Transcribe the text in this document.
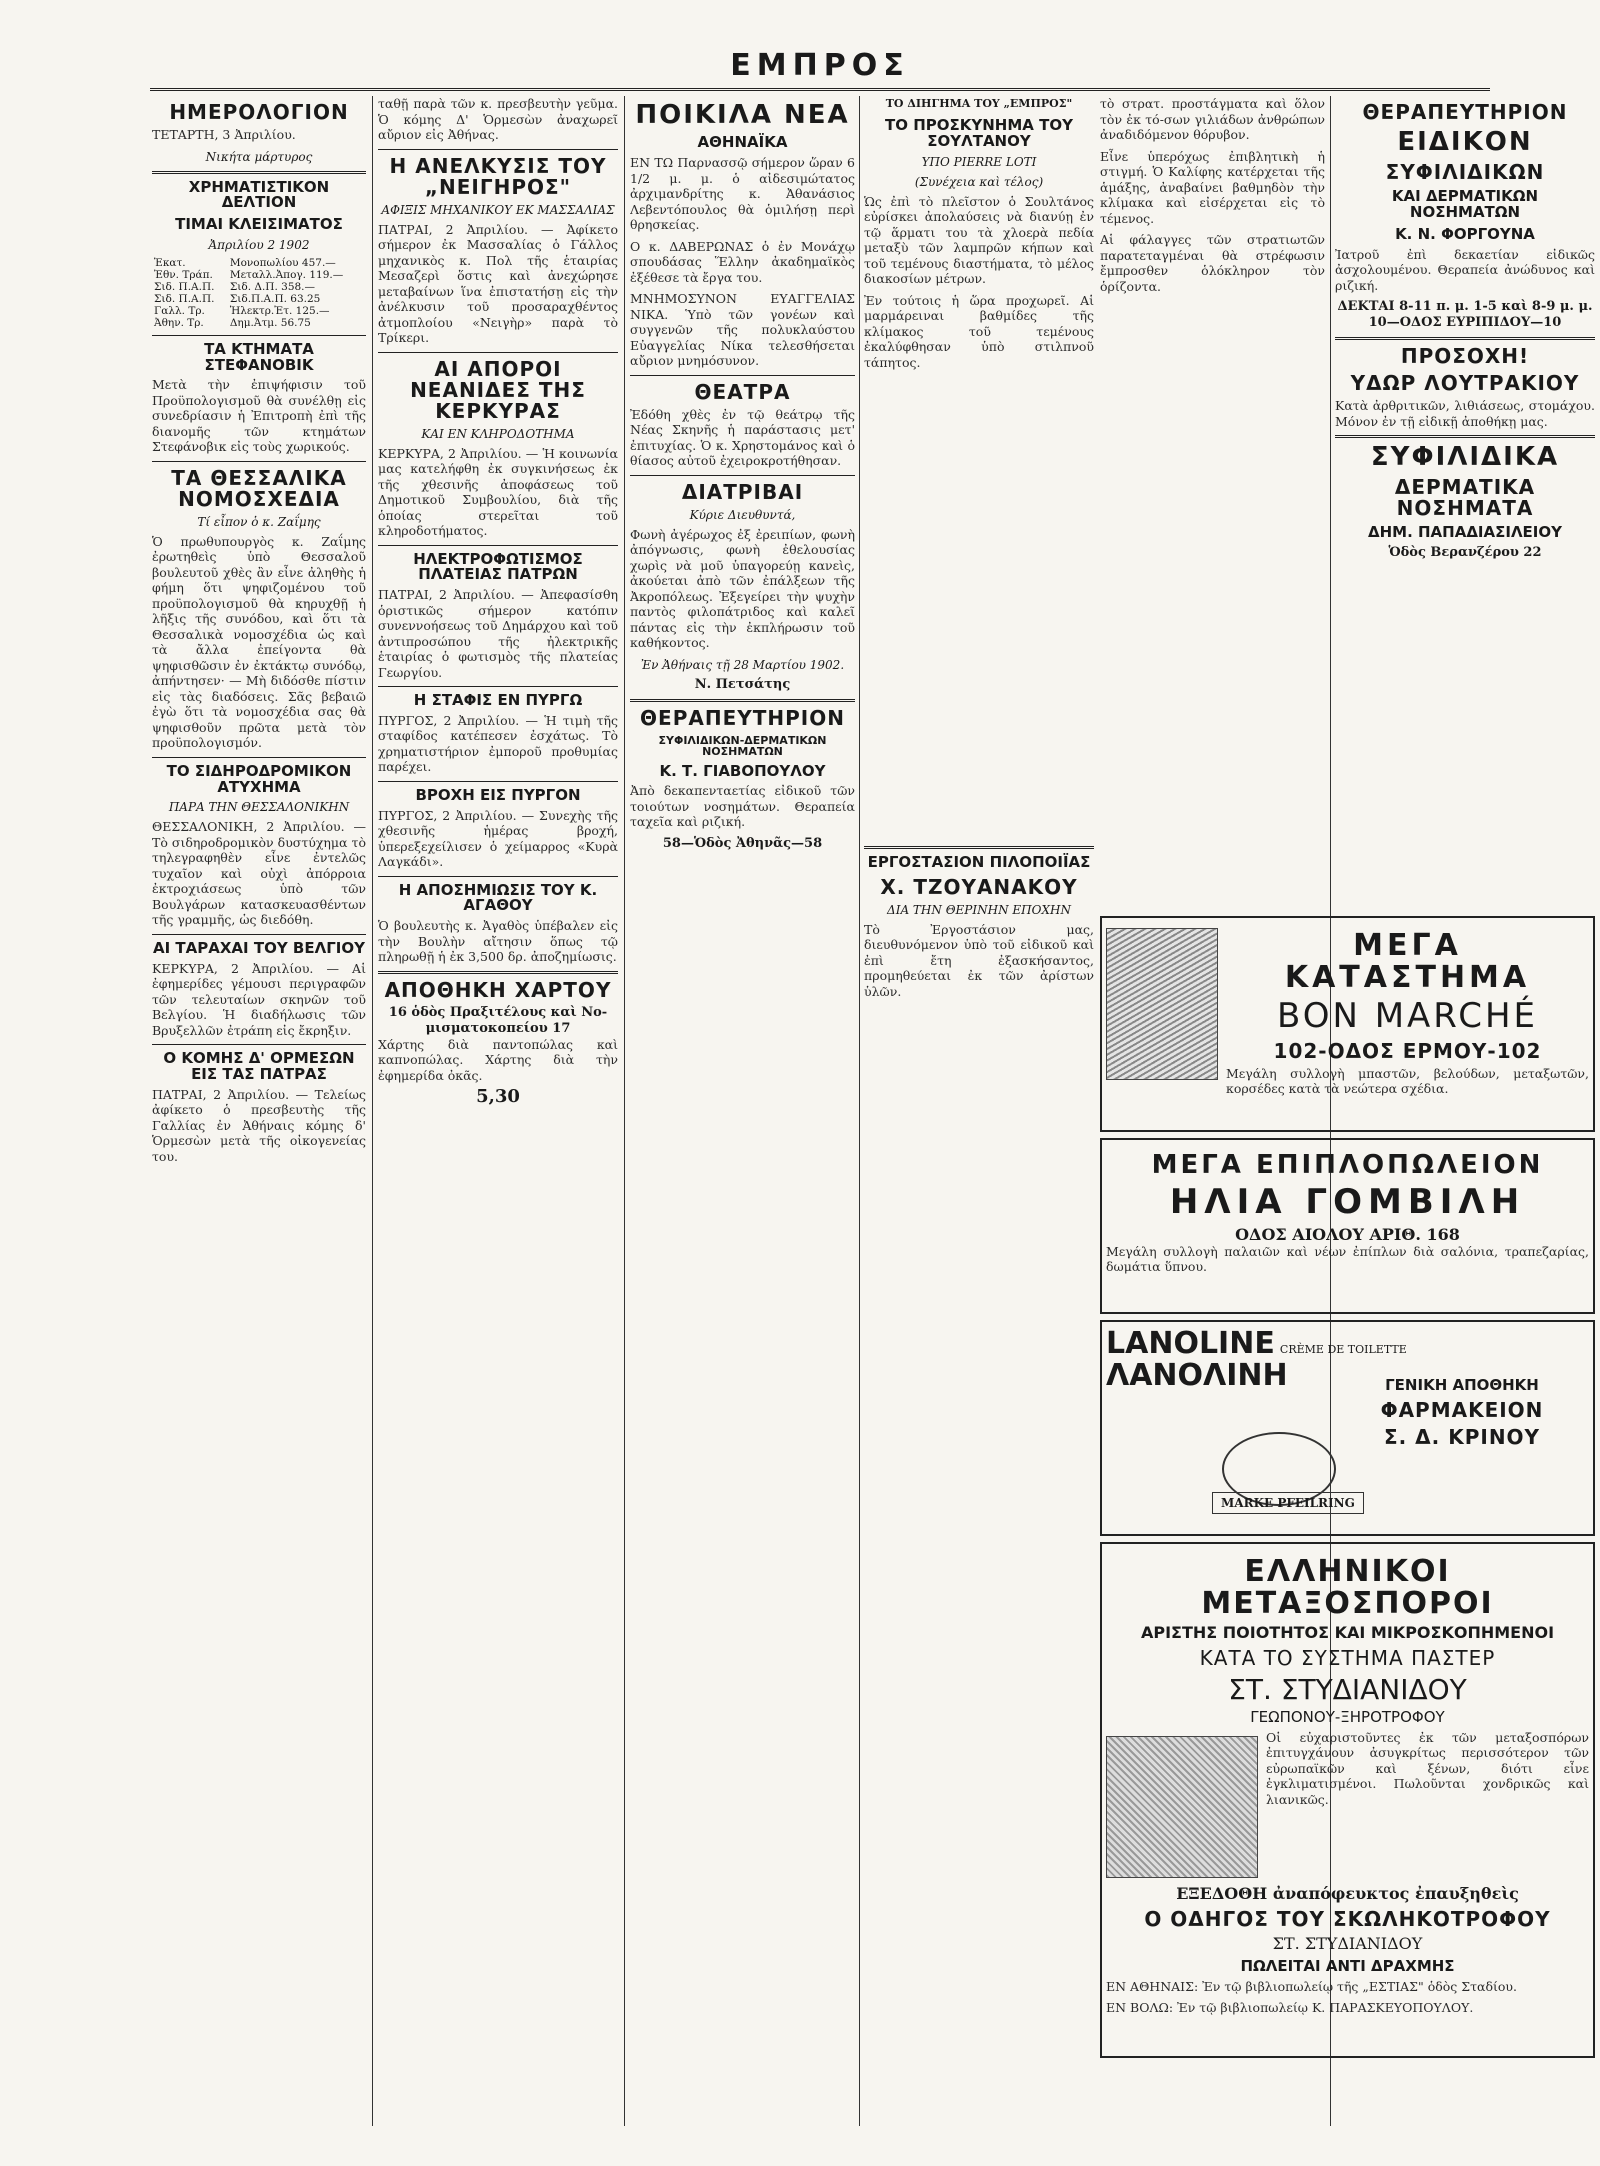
ΕΜΠΡΟΣ
ΗΜΕΡΟΛΟΓΙΟΝ
ΤΕΤΑΡΤΗ, 3 Ἀπριλίου.
Νικήτα μάρτυρος
ΧΡΗΜΑΤΙΣΤΙΚΟΝ ΔΕΛΤΙΟΝ
ΤΙΜΑΙ ΚΛΕΙΣΙΜΑΤΟΣ
Ἀπριλίου 2 1902
Ἑκατ.	Μονοπωλίου 457.—
Ἐθν. Τράπ.	Μεταλλ.Ἀπογ. 119.—
Σιδ. Π.Α.Π.	Σιδ. Δ.Π. 358.—
Σιδ. Π.Α.Π.	Σιδ.Π.Α.Π. 63.25
Γαλλ. Τρ.	Ἡλεκτρ.Ἐτ. 125.—
Ἀθην. Τρ.	Δημ.Ἀτμ. 56.75
ΤΑ ΚΤΗΜΑΤΑ ΣΤΕΦΑΝΟΒΙΚ

Μετὰ τὴν ἐπιψήφισιν τοῦ Προϋπολογισμοῦ θὰ συνέλθῃ εἰς συνεδρίασιν ἡ Ἐπιτροπὴ ἐπὶ τῆς διανομῆς τῶν κτημάτων Στεφάνοβικ εἰς τοὺς χωρικούς.

ΤΑ ΘΕΣΣΑΛΙΚΑ ΝΟΜΟΣΧΕΔΙΑ
Τί εἶπον ὁ κ. Ζαΐμης

Ὁ πρωθυπουργὸς κ. Ζαΐμης ἐρωτηθεὶς ὑπὸ Θεσσαλοῦ βουλευτοῦ χθὲς ἂν εἶνε ἀληθὴς ἡ φήμη ὅτι ψηφιζομένου τοῦ προϋπολογισμοῦ θὰ κηρυχθῇ ἡ λῆξις τῆς συνόδου, καὶ ὅτι τὰ Θεσσαλικὰ νομοσχέδια ὡς καὶ τὰ ἄλλα ἐπείγοντα θὰ ψηφισθῶσιν ἐν ἐκτάκτῳ συνόδῳ, ἀπήντησεν· — Μὴ διδόσθε πίστιν εἰς τὰς διαδόσεις. Σᾶς βεβαιῶ ἐγὼ ὅτι τὰ νομοσχέδια σας θὰ ψηφισθοῦν πρῶτα μετὰ τὸν προϋπολογισμόν.

ΤΟ ΣΙΔΗΡΟΔΡΟΜΙΚΟΝ ΑΤΥΧΗΜΑ
ΠΑΡΑ ΤΗΝ ΘΕΣΣΑΛΟΝΙΚΗΝ

ΘΕΣΣΑΛΟΝΙΚΗ, 2 Ἀπριλίου. — Τὸ σιδηροδρομικὸν δυστύχημα τὸ τηλεγραφηθὲν εἶνε ἐντελῶς τυχαῖον καὶ οὐχὶ ἀπόρροια ἐκτροχιάσεως ὑπὸ τῶν Βουλγάρων κατασκευασθέντων τῆς γραμμῆς, ὡς διεδόθη.

ΑΙ ΤΑΡΑΧΑΙ ΤΟΥ ΒΕΛΓΙΟΥ

ΚΕΡΚΥΡΑ, 2 Ἀπριλίου. — Αἱ ἐφημερίδες γέμουσι περιγραφῶν τῶν τελευταίων σκηνῶν τοῦ Βελγίου. Ἡ διαδήλωσις τῶν Βρυξελλῶν ἐτράπη εἰς ἔκρηξιν.

Ο ΚΟΜΗΣ Δ' ΟΡΜΕΣΩΝ ΕΙΣ ΤΑΣ ΠΑΤΡΑΣ

ΠΑΤΡΑΙ, 2 Ἀπριλίου. — Τελείως ἀφίκετο ὁ πρεσβευτὴς τῆς Γαλλίας ἐν Ἀθήναις κόμης δ' Ὁρμεσὼν μετὰ τῆς οἰκογενείας του.

ταθῇ παρὰ τῶν κ. πρεσβευτὴν γεῦμα. Ὁ κόμης Δ' Ὁρμεσὼν ἀναχωρεῖ αὔριον εἰς Ἀθήνας.

Η ΑΝΕΛΚΥΣΙΣ ΤΟΥ „ΝΕΙΓΗΡΟΣ"
ΑΦΙΞΙΣ ΜΗΧΑΝΙΚΟΥ ΕΚ ΜΑΣΣΑΛΙΑΣ

ΠΑΤΡΑΙ, 2 Ἀπριλίου. — Ἀφίκετο σήμερον ἐκ Μασσαλίας ὁ Γάλλος μηχανικὸς κ. Πολ τῆς ἑταιρίας Μεσαζερὶ ὅστις καὶ ἀνεχώρησε μεταβαίνων ἵνα ἐπιστατήσῃ εἰς τὴν ἀνέλκυσιν τοῦ προσαραχθέντος ἀτμοπλοίου «Νειγὴρ» παρὰ τὸ Τρίκερι.

ΑΙ ΑΠΟΡΟΙ ΝΕΑΝΙΔΕΣ ΤΗΣ ΚΕΡΚΥΡΑΣ
ΚΑΙ ΕΝ ΚΛΗΡΟΔΟΤΗΜΑ

ΚΕΡΚΥΡΑ, 2 Ἀπριλίου. — Ἡ κοινωνία μας κατελήφθη ἐκ συγκινήσεως ἐκ τῆς χθεσινῆς ἀποφάσεως τοῦ Δημοτικοῦ Συμβουλίου, διὰ τῆς ὁποίας στερεῖται τοῦ κληροδοτήματος.

ΗΛΕΚΤΡΟΦΩΤΙΣΜΟΣ ΠΛΑΤΕΙΑΣ ΠΑΤΡΩΝ

ΠΑΤΡΑΙ, 2 Ἀπριλίου. — Ἀπεφασίσθη ὁριστικῶς σήμερον κατόπιν συνεννοήσεως τοῦ Δημάρχου καὶ τοῦ ἀντιπροσώπου τῆς ἠλεκτρικῆς ἑταιρίας ὁ φωτισμὸς τῆς πλατείας Γεωργίου.

Η ΣΤΑΦΙΣ ΕΝ ΠΥΡΓΩ

ΠΥΡΓΟΣ, 2 Ἀπριλίου. — Ἡ τιμὴ τῆς σταφίδος κατέπεσεν ἐσχάτως. Τὸ χρηματιστήριον ἐμποροῦ προθυμίας παρέχει.

ΒΡΟΧΗ ΕΙΣ ΠΥΡΓΟΝ

ΠΥΡΓΟΣ, 2 Ἀπριλίου. — Συνεχὴς τῆς χθεσινῆς ἡμέρας βροχή, ὑπερεξεχείλισεν ὁ χείμαρρος «Κυρὰ Λαγκάδι».

Η ΑΠΟΣΗΜΙΩΣΙΣ ΤΟΥ Κ. ΑΓΑΘΟΥ

Ὁ βουλευτὴς κ. Ἀγαθὸς ὑπέβαλεν εἰς τὴν Βουλὴν αἴτησιν ὅπως τῷ πληρωθῇ ἡ ἐκ 3,500 δρ. ἀποζημίωσις.

ΑΠΟΘΗΚΗ ΧΑΡΤΟΥ
16 ὁδὸς Πραξιτέλους καὶ Νο-μισματοκοπείου 17

Χάρτης διὰ παντοπώλας καὶ καπνοπώλας. Χάρτης διὰ τὴν ἐφημερίδα ὀκᾶς.

5,30
ΠΟΙΚΙΛΑ ΝΕΑ
ΑΘΗΝΑΪΚΑ

ΕΝ ΤΩ Παρνασσῷ σήμερον ὥραν 6 1/2 μ. μ. ὁ αἰδεσιμώτατος ἀρχιμανδρίτης κ. Ἀθανάσιος Λεβεντόπουλος θὰ ὁμιλήσῃ περὶ θρησκείας.

Ο κ. ΔΑΒΕΡΩΝΑΣ ὁ ἐν Μονάχῳ σπουδάσας Ἕλλην ἀκαδημαϊκὸς ἐξέθεσε τὰ ἔργα του.

ΜΝΗΜΟΣΥΝΟΝ ΕΥΑΓΓΕΛΙΑΣ ΝΙΚΑ. Ὑπὸ τῶν γονέων καὶ συγγενῶν τῆς πολυκλαύστου Εὐαγγελίας Νίκα τελεσθήσεται αὔριον μνημόσυνον.

ΘΕΑΤΡΑ

Ἐδόθη χθὲς ἐν τῷ θεάτρῳ τῆς Νέας Σκηνῆς ἡ παράστασις μετ' ἐπιτυχίας. Ὁ κ. Χρηστομάνος καὶ ὁ θίασος αὐτοῦ ἐχειροκροτήθησαν.

ΔΙΑΤΡΙΒΑΙ
Κύριε Διευθυντά,

Φωνὴ ἀγέρωχος ἐξ ἐρειπίων, φωνὴ ἀπόγνωσις, φωνὴ ἐθελουσίας χωρὶς νὰ μοῦ ὑπαγορεύῃ κανεὶς, ἀκούεται ἀπὸ τῶν ἐπάλξεων τῆς Ἀκροπόλεως. Ἐξεγείρει τὴν ψυχὴν παντὸς φιλοπάτριδος καὶ καλεῖ πάντας εἰς τὴν ἐκπλήρωσιν τοῦ καθήκοντος.

Ἐν Ἀθήναις τῇ 28 Μαρτίου 1902.
Ν. Πετσάτης
ΘΕΡΑΠΕΥΤΗΡΙΟΝ
ΣΥΦΙΛΙΔΙΚΩΝ-ΔΕΡΜΑΤΙΚΩΝ ΝΟΣΗΜΑΤΩΝ
Κ. Τ. ΓΙΑΒΟΠΟΥΛΟΥ

Ἀπὸ δεκαπενταετίας εἰδικοῦ τῶν τοιούτων νοσημάτων. Θεραπεία ταχεῖα καὶ ριζική.

58—Ὁδὸς Ἀθηνᾶς—58
ΤΟ ΔΙΗΓΗΜΑ ΤΟΥ „ΕΜΠΡΟΣ"
ΤΟ ΠΡΟΣΚΥΝΗΜΑ ΤΟΥ ΣΟΥΛΤΑΝΟΥ
ΥΠΟ PIERRE LOTI
(Συνέχεια καὶ τέλος)

Ὡς ἐπὶ τὸ πλεῖστον ὁ Σουλτάνος εὐρίσκει ἀπολαύσεις νὰ διανύῃ ἐν τῷ ἅρματι του τὰ χλοερὰ πεδία μεταξὺ τῶν λαμπρῶν κήπων καὶ τοῦ τεμένους διαστήματα, τὸ μέλος διακοσίων μέτρων.

Ἐν τούτοις ἡ ὥρα προχωρεῖ. Αἱ μαρμάρειναι βαθμίδες τῆς κλίμακος τοῦ τεμένους ἐκαλύφθησαν ὑπὸ στιλπνοῦ τάπητος.

ΕΡΓΟΣΤΑΣΙΟΝ ΠΙΛΟΠΟΙΪΑΣ
Χ. ΤΖΟΥΑΝΑΚΟΥ
ΔΙΑ ΤΗΝ ΘΕΡΙΝΗΝ ΕΠΟΧΗΝ

Τὸ Ἐργοστάσιον μας, διευθυνόμενον ὑπὸ τοῦ εἰδικοῦ καὶ ἐπὶ ἔτη ἐξασκήσαντος, προμηθεύεται ἐκ τῶν ἀρίστων ὑλῶν.

τὸ στρατ. προστάγματα καὶ ὅλον τὸν ἐκ τό-σων γιλιάδων ἀνθρώπων ἀναδιδόμενον θόρυβον.

Εἶνε ὑπερόχως ἐπιβλητικὴ ἡ στιγμή. Ὁ Καλίφης κατέρχεται τῆς ἁμάξης, ἀναβαίνει βαθμηδὸν τὴν κλίμακα καὶ εἰσέρχεται εἰς τὸ τέμενος.

Αἱ φάλαγγες τῶν στρατιωτῶν παρατεταγμέναι θὰ στρέφωσιν ἔμπροσθεν ὁλόκληρον τὸν ὁρίζοντα.

ΘΕΡΑΠΕΥΤΗΡΙΟΝ
ΕΙΔΙΚΟΝ
ΣΥΦΙΛΙΔΙΚΩΝ
ΚΑΙ ΔΕΡΜΑΤΙΚΩΝ ΝΟΣΗΜΑΤΩΝ
Κ. Ν. ΦΟΡΓΟΥΝΑ

Ἰατροῦ ἐπὶ δεκαετίαν εἰδικῶς ἀσχολουμένου. Θεραπεία ἀνώδυνος καὶ ριζική.

ΔΕΚΤΑΙ 8-11 π. μ. 1-5 καὶ 8-9 μ. μ.
10—ΟΔΟΣ ΕΥΡΙΠΙΔΟΥ—10
ΠΡΟΣΟΧΗ!
ΥΔΩΡ ΛΟΥΤΡΑΚΙΟΥ

Κατὰ ἀρθριτικῶν, λιθιάσεως, στομάχου. Μόνον ἐν τῇ εἰδικῇ ἀποθήκῃ μας.

ΣΥΦΙΛΙΔΙΚΑ
ΔΕΡΜΑΤΙΚΑ ΝΟΣΗΜΑΤΑ
ΔΗΜ. ΠΑΠΑΔΙΑΣΙΛΕΙΟΥ
Ὁδὸς Βερανζέρου 22
ΜΕΓΑ ΚΑΤΑΣΤΗΜΑ
BON MARCHÉ
102-ΟΔΟΣ ΕΡΜΟΥ-102

Μεγάλη συλλογὴ μπαστῶν, βελούδων, μεταξωτῶν, κορσέδες κατὰ τὰ νεώτερα σχέδια.

ΜΕΓΑ ΕΠΙΠΛΟΠΩΛΕΙΟΝ
ΗΛΙΑ ΓΟΜΒΙΛΗ
ΟΔΟΣ ΑΙΟΛΟΥ ΑΡΙΘ. 168

Μεγάλη συλλογὴ παλαιῶν καὶ νέων ἐπίπλων διὰ σαλόνια, τραπεζαρίας, δωμάτια ὕπνου.

LANOLINE CRÈME DE TOILETTE ΛΑΝΟΛΙΝΗ	ΓΕΝΙΚΗ ΑΠΟΘΗΚΗ
ΦΑΡΜΑΚΕΙΟΝ
Σ. Δ. ΚΡΙΝΟΥ
MARKE PFEILRING
ΕΛΛΗΝΙΚΟΙ ΜΕΤΑΞΟΣΠΟΡΟΙ
ΑΡΙΣΤΗΣ ΠΟΙΟΤΗΤΟΣ ΚΑΙ ΜΙΚΡΟΣΚΟΠΗΜΕΝΟΙ
ΚΑΤΑ ΤΟ ΣΥΣΤΗΜΑ ΠΑΣΤΕΡ
ΣΤ. ΣΤΥΔΙΑΝΙΔΟΥ
ΓΕΩΠΟΝΟΥ-ΞΗΡΟΤΡΟΦΟΥ

Οἱ εὐχαριστοῦντες ἐκ τῶν μεταξοσπόρων ἐπιτυγχάνουν ἀσυγκρίτως περισσότερον τῶν εὐρωπαϊκῶν καὶ ξένων, διότι εἶνε ἐγκλιματισμένοι. Πωλοῦνται χονδρικῶς καὶ λιανικῶς.

ΕΞΕΔΟΘΗ ἀναπόφευκτος ἐπαυξηθεὶς
Ο ΟΔΗΓΟΣ ΤΟΥ ΣΚΩΛΗΚΟΤΡΟΦΟΥ
ΣΤ. ΣΤΥΔΙΑΝΙΔΟΥ
ΠΩΛΕΙΤΑΙ ΑΝΤΙ ΔΡΑΧΜΗΣ
ΕΝ ΑΘΗΝΑΙΣ: Ἐν τῷ βιβλιοπωλείῳ τῆς „ΕΣΤΙΑΣ" ὁδὸς Σταδίου.
ΕΝ ΒΟΛΩ: Ἐν τῷ βιβλιοπωλείῳ Κ. ΠΑΡΑΣΚΕΥΟΠΟΥΛΟΥ.
